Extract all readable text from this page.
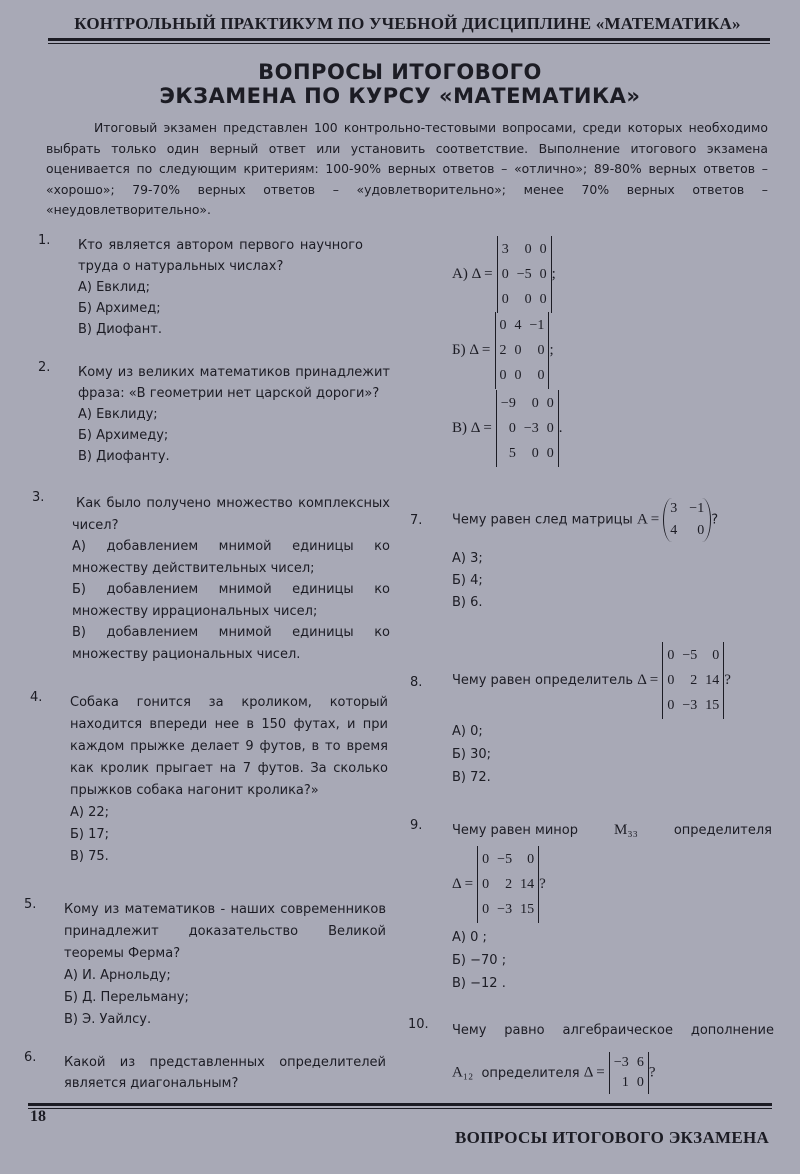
КОНТРОЛЬНЫЙ ПРАКТИКУМ ПО УЧЕБНОЙ ДИСЦИПЛИНЕ «МАТЕМАТИКА»
ВОПРОСЫ ИТОГОВОГО
ЭКЗАМЕНА ПО КУРСУ «МАТЕМАТИКА»
Итоговый экзамен представлен 100 контрольно-тестовыми вопросами, среди которых необходимо выбрать только один верный ответ или установить соответствие. Выполнение итогового экзамена оценивается по следующим критериям: 100-90% верных ответов – «отлично»; 89-80% верных ответов – «хорошо»; 79-70% верных ответов – «удовлетворительно»; менее 70% верных ответов – «неудовлетворительно».
1. Кто является автором первого научного труда о натуральных числах?
А) Евклид;
Б) Архимед;
В) Диофант.
2. Кому из великих математиков принадлежит фраза: «В геометрии нет царской дороги»?
А) Евклиду;
Б) Архимеду;
В) Диофанту.
3.	Как было получено множество комплексных чисел?
А) добавлением мнимой единицы ко множеству действительных чисел;
Б) добавлением мнимой единицы ко множеству иррациональных чисел;
В) добавлением мнимой единицы ко множеству рациональных чисел.
4. Собака гонится за кроликом, который находится впереди нее в 150 футах, и при каждом прыжке делает 9 футов, в то время как кролик прыгает на 7 футов. За сколько прыжков собака нагонит кролика?»
А) 22;
Б) 17;
В) 75.
5. Кому из математиков - наших современников принадлежит доказательство Великой теоремы Ферма?
А) И. Арнольду;
Б) Д. Перельману;
В) Э. Уайлсу.
6. Какой из представленных определителей является диагональным?
А) Δ =
3	0 0
0 −5 0
0	0 0
;
Б) Δ =
0 4 −1
2 0	0
0 0	0
;
В) Δ =
−9	0 0
0 −3 0
5	0 0
.
7. Чему равен след матрицы A =
3 −1
4	0
?
А) 3;
Б) 4;
В) 6.
8. Чему равен определитель Δ =
0 −5	0
0	2 14
0 −3 15
?
А) 0;
Б) 30;
В) 72.
9. Чему равен минор M₃₃	определителя
Δ =
0 −5	0
0	2 14
0 −3 15
?
А) 0 ;
Б) −70 ;
В) −12 .
10. Чему равно алгебраическое дополнение
A₁₂ определителя Δ =
−3 6
1 0
?
18
ВОПРОСЫ ИТОГОВОГО ЭКЗАМЕНА
